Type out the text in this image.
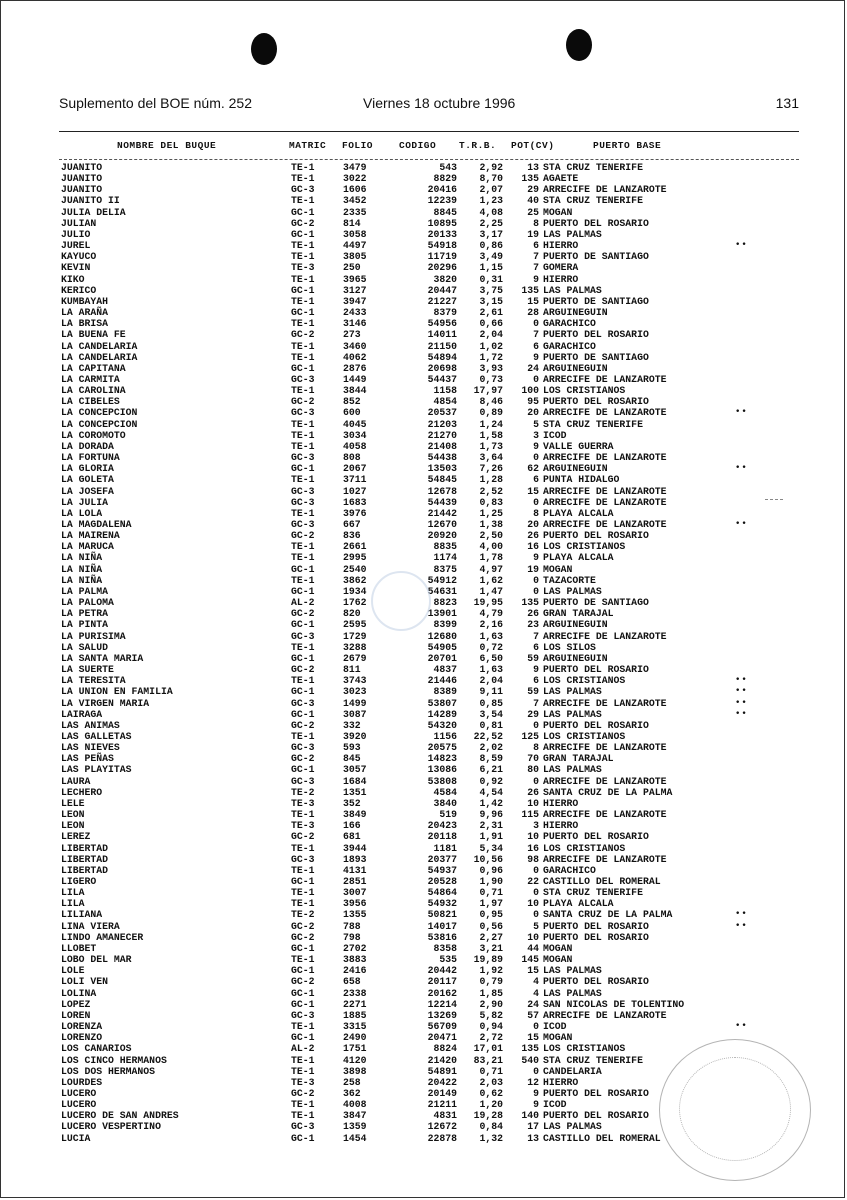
Suplemento del BOE núm. 252	Viernes 18 octubre 1996	131
NOMBRE DEL BUQUE	MATRIC FOLIO	CODIGO T.R.B. POT(CV)	PUERTO BASE
JUANITO	TE-1	3479	543	2,92	13 STA CRUZ TENERIFE
JUANITO	TE-1	3022	8829	8,70	135 AGAETE
JUANITO	GC-3	1606	20416	2,07	29 ARRECIFE DE LANZAROTE
JUANITO II	TE-1	3452	12239	1,23	40 STA CRUZ TENERIFE
JULIA DELIA	GC-1	2335	8845	4,08	25 MOGAN
JULIAN	GC-2	814	10895	2,25	8 PUERTO DEL ROSARIO
JULIO	GC-1	3058	20133	3,17	19 LAS PALMAS
JUREL	TE-1	4497	54918	0,86	6 HIERRO	••
KAYUCO	TE-1	3805	11719	3,49	7 PUERTO DE SANTIAGO
KEVIN	TE-3	250	20296	1,15	7 GOMERA
KIKO	TE-1	3965	3820	0,31	9 HIERRO
KERICO	GC-1	3127	20447	3,75	135 LAS PALMAS
KUMBAYAH	TE-1	3947	21227	3,15	15 PUERTO DE SANTIAGO
LA ARAÑA	GC-1	2433	8379	2,61	28 ARGUINEGUIN
LA BRISA	TE-1	3146	54956	0,66	0 GARACHICO
LA BUENA FE	GC-2	273	14011	2,04	7 PUERTO DEL ROSARIO
LA CANDELARIA	TE-1	3460	21150	1,02	6 GARACHICO
LA CANDELARIA	TE-1	4062	54894	1,72	9 PUERTO DE SANTIAGO
LA CAPITANA	GC-1	2876	20698	3,93	24 ARGUINEGUIN
LA CARMITA	GC-3	1449	54437	0,73	0 ARRECIFE DE LANZAROTE
LA CAROLINA	TE-1	3844	1158	17,97	100 LOS CRISTIANOS
LA CIBELES	GC-2	852	4854	8,46	95 PUERTO DEL ROSARIO
LA CONCEPCION	GC-3	600	20537	0,89	20 ARRECIFE DE LANZAROTE	••
LA CONCEPCION	TE-1	4045	21203	1,24	5 STA CRUZ TENERIFE
LA COROMOTO	TE-1	3034	21270	1,58	3 ICOD
LA DORADA	TE-1	4058	21408	1,73	9 VALLE GUERRA
LA FORTUNA	GC-3	808	54438	3,64	0 ARRECIFE DE LANZAROTE
LA GLORIA	GC-1	2067	13503	7,26	62 ARGUINEGUIN	••
LA GOLETA	TE-1	3711	54845	1,28	6 PUNTA HIDALGO
LA JOSEFA	GC-3	1027	12678	2,52	15 ARRECIFE DE LANZAROTE
LA JULIA	GC-3	1683	54439	0,83	0 ARRECIFE DE LANZAROTE
LA LOLA	TE-1	3976	21442	1,25	8 PLAYA ALCALA
LA MAGDALENA	GC-3	667	12670	1,38	20 ARRECIFE DE LANZAROTE	••
LA MAIRENA	GC-2	836	20920	2,50	26 PUERTO DEL ROSARIO
LA MARUCA	TE-1	2661	8835	4,00	16 LOS CRISTIANOS
LA NIÑA	TE-1	2995	1174	1,78	9 PLAYA ALCALA
LA NIÑA	GC-1	2540	8375	4,97	19 MOGAN
LA NIÑA	TE-1	3862	54912	1,62	0 TAZACORTE
LA PALMA	GC-1	1934	54631	1,47	0 LAS PALMAS
LA PALOMA	AL-2	1762	8823	19,95	135 PUERTO DE SANTIAGO
LA PETRA	GC-2	820	13901	4,79	26 GRAN TARAJAL
LA PINTA	GC-1	2595	8399	2,16	23 ARGUINEGUIN
LA PURISIMA	GC-3	1729	12680	1,63	7 ARRECIFE DE LANZAROTE
LA SALUD	TE-1	3288	54905	0,72	6 LOS SILOS
LA SANTA MARIA	GC-1	2679	20701	6,50	59 ARGUINEGUIN
LA SUERTE	GC-2	811	4837	1,63	9 PUERTO DEL ROSARIO
LA TERESITA	TE-1	3743	21446	2,04	6 LOS CRISTIANOS	••
LA UNION EN FAMILIA	GC-1	3023	8389	9,11	59 LAS PALMAS	••
LA VIRGEN MARIA	GC-3	1499	53807	0,85	7 ARRECIFE DE LANZAROTE	••
LAIRAGA	GC-1	3087	14289	3,54	29 LAS PALMAS	••
LAS ANIMAS	GC-2	332	54320	0,81	0 PUERTO DEL ROSARIO
LAS GALLETAS	TE-1	3920	1156	22,52	125 LOS CRISTIANOS
LAS NIEVES	GC-3	593	20575	2,02	8 ARRECIFE DE LANZAROTE
LAS PEÑAS	GC-2	845	14823	8,59	70 GRAN TARAJAL
LAS PLAYITAS	GC-1	3057	13086	6,21	80 LAS PALMAS
LAURA	GC-3	1684	53808	0,92	0 ARRECIFE DE LANZAROTE
LECHERO	TE-2	1351	4584	4,54	26 SANTA CRUZ DE LA PALMA
LELE	TE-3	352	3840	1,42	10 HIERRO
LEON	TE-1	3849	519	9,96	115 ARRECIFE DE LANZAROTE
LEON	TE-3	166	20423	2,31	3 HIERRO
LEREZ	GC-2	681	20118	1,91	10 PUERTO DEL ROSARIO
LIBERTAD	TE-1	3944	1181	5,34	16 LOS CRISTIANOS
LIBERTAD	GC-3	1893	20377	10,56	98 ARRECIFE DE LANZAROTE
LIBERTAD	TE-1	4131	54937	0,96	0 GARACHICO
LIGERO	GC-1	2851	20528	1,90	22 CASTILLO DEL ROMERAL
LILA	TE-1	3007	54864	0,71	0 STA CRUZ TENERIFE
LILA	TE-1	3956	54932	1,97	10 PLAYA ALCALA
LILIANA	TE-2	1355	50821	0,95	0 SANTA CRUZ DE LA PALMA	••
LINA VIERA	GC-2	788	14017	0,56	5 PUERTO DEL ROSARIO	••
LINDO AMANECER	GC-2	798	53816	2,27	10 PUERTO DEL ROSARIO
LLOBET	GC-1	2702	8358	3,21	44 MOGAN
LOBO DEL MAR	TE-1	3883	535	19,89	145 MOGAN
LOLE	GC-1	2416	20442	1,92	15 LAS PALMAS
LOLI VEN	GC-2	658	20117	0,79	4 PUERTO DEL ROSARIO
LOLINA	GC-1	2338	20162	1,85	4 LAS PALMAS
LOPEZ	GC-1	2271	12214	2,90	24 SAN NICOLAS DE TOLENTINO
LOREN	GC-3	1885	13269	5,82	57 ARRECIFE DE LANZAROTE
LORENZA	TE-1	3315	56709	0,94	0 ICOD	••
LORENZO	GC-1	2490	20471	2,72	15 MOGAN
LOS CANARIOS	AL-2	1751	8824	17,01	135 LOS CRISTIANOS
LOS CINCO HERMANOS	TE-1	4120	21420	83,21	540 STA CRUZ TENERIFE
LOS DOS HERMANOS	TE-1	3898	54891	0,71	0 CANDELARIA
LOURDES	TE-3	258	20422	2,03	12 HIERRO
LUCERO	GC-2	362	20149	0,62	9 PUERTO DEL ROSARIO
LUCERO	TE-1	4008	21211	1,20	9 ICOD
LUCERO DE SAN ANDRES	TE-1	3847	4831	19,28	140 PUERTO DEL ROSARIO
LUCERO VESPERTINO	GC-3	1359	12672	0,84	17 LAS PALMAS
LUCIA	GC-1	1454	22878	1,32	13 CASTILLO DEL ROMERAL
